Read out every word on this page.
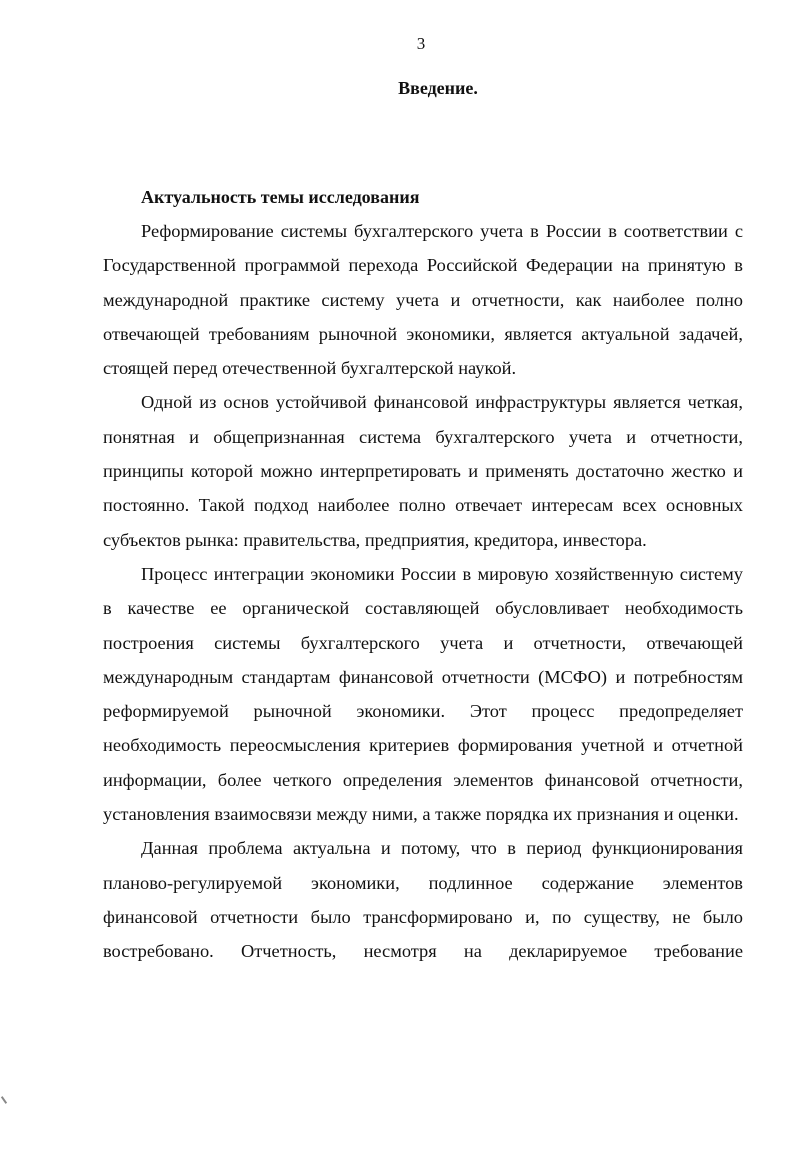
3
Введение.
Актуальность темы исследования

Реформирование системы бухгалтерского учета в России в соответствии с Государственной программой перехода Российской Федерации на принятую в международной практике систему учета и отчетности, как наиболее полно отвечающей требованиям рыночной экономики, является актуальной задачей, стоящей перед отечественной бухгалтерской наукой.

Одной из основ устойчивой финансовой инфраструктуры является четкая, понятная и общепризнанная система бухгалтерского учета и отчетности, принципы которой можно интерпретировать и применять достаточно жестко и постоянно. Такой подход наиболее полно отвечает интересам всех основных субъектов рынка: правительства, предприятия, кредитора, инвестора.

Процесс интеграции экономики России в мировую хозяйственную систему в качестве ее органической составляющей обусловливает необходимость построения системы бухгалтерского учета и отчетности, отвечающей международным стандартам финансовой отчетности (МСФО) и потребностям реформируемой рыночной экономики. Этот процесс предопределяет необходимость переосмысления критериев формирования учетной и отчетной информации, более четкого определения элементов финансовой отчетности, установления взаимосвязи между ними, а также порядка их признания и оценки.

Данная проблема актуальна и потому, что в период функционирования планово-регулируемой экономики, подлинное содержание элементов финансовой отчетности было трансформировано и, по существу, не было востребовано. Отчетность, несмотря на декларируемое требование
